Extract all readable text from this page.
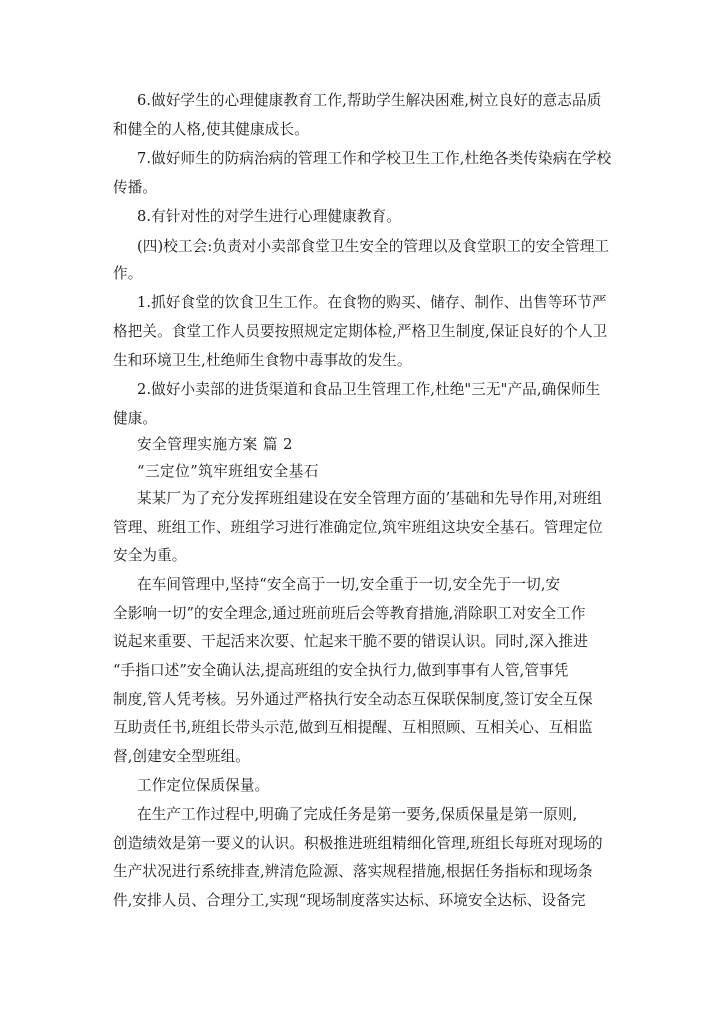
6.做好学生的心理健康教育工作,帮助学生解决困难,树立良好的意志品质
和健全的人格,使其健康成长。
7.做好师生的防病治病的管理工作和学校卫生工作,杜绝各类传染病在学校
传播。
8.有针对性的对学生进行心理健康教育。
(四)校工会:负责对小卖部食堂卫生安全的管理以及食堂职工的安全管理工
作。
1.抓好食堂的饮食卫生工作。在食物的购买、储存、制作、出售等环节严
格把关。食堂工作人员要按照规定定期体检,严格卫生制度,保证良好的个人卫
生和环境卫生,杜绝师生食物中毒事故的发生。
2.做好小卖部的进货渠道和食品卫生管理工作,杜绝"三无"产品,确保师生
健康。
安全管理实施方案 篇 2
“三定位”筑牢班组安全基石
某某厂为了充分发挥班组建设在安全管理方面的’基础和先导作用,对班组
管理、班组工作、班组学习进行准确定位,筑牢班组这块安全基石。管理定位
安全为重。
在车间管理中,坚持“安全高于一切,安全重于一切,安全先于一切,安
全影响一切”的安全理念,通过班前班后会等教育措施,消除职工对安全工作
说起来重要、干起活来次要、忙起来干脆不要的错误认识。同时,深入推进
“手指口述”安全确认法,提高班组的安全执行力,做到事事有人管,管事凭
制度,管人凭考核。另外通过严格执行安全动态互保联保制度,签订安全互保
互助责任书,班组长带头示范,做到互相提醒、互相照顾、互相关心、互相监
督,创建安全型班组。
工作定位保质保量。
在生产工作过程中,明确了完成任务是第一要务,保质保量是第一原则,
创造绩效是第一要义的认识。积极推进班组精细化管理,班组长每班对现场的
生产状况进行系统排查,辨清危险源、落实规程措施,根据任务指标和现场条
件,安排人员、合理分工,实现“现场制度落实达标、环境安全达标、设备完
